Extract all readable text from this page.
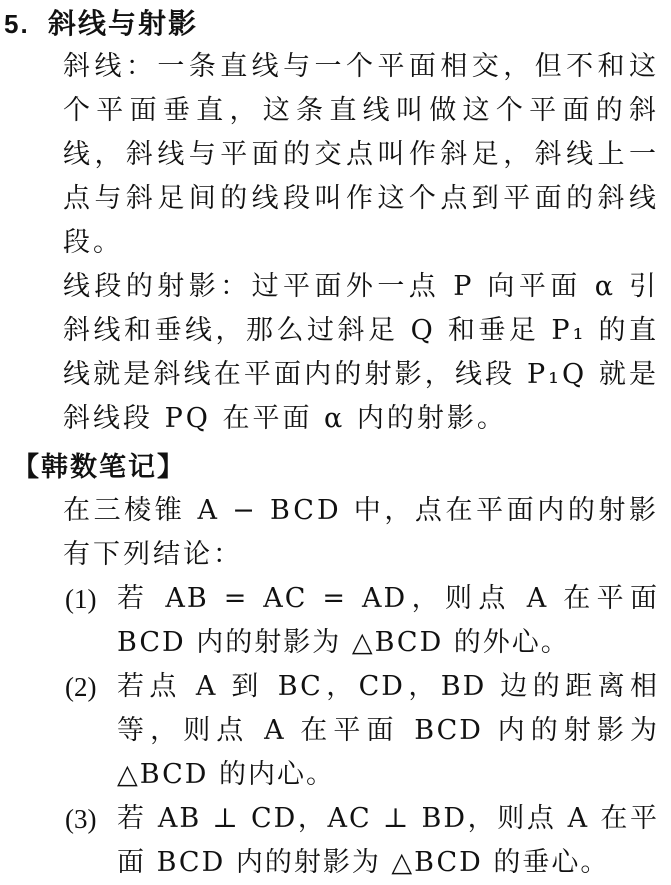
5. 斜线与射影

斜线：一条直线与一个平面相交，但不和这个平面垂直，这条直线叫做这个平面的斜线，斜线与平面的交点叫作斜足，斜线上一点与斜足间的线段叫作这个点到平面的斜线段。

线段的射影：过平面外一点 P 向平面 α 引斜线和垂线，那么过斜足 Q 和垂足 P₁ 的直线就是斜线在平面内的射影，线段 P₁Q 就是斜线段 PQ 在平面 α 内的射影。

【韩数笔记】

在三棱锥 A − BCD 中，点在平面内的射影有下列结论：

(1) 若 AB = AC = AD，则点 A 在平面 BCD 内的射影为 △BCD 的外心。
(2) 若点 A 到 BC，CD，BD 边的距离相等，则点 A 在平面 BCD 内的射影为 △BCD 的内心。
(3) 若 AB ⊥ CD，AC ⊥ BD，则点 A 在平面 BCD 内的射影为 △BCD 的垂心。
